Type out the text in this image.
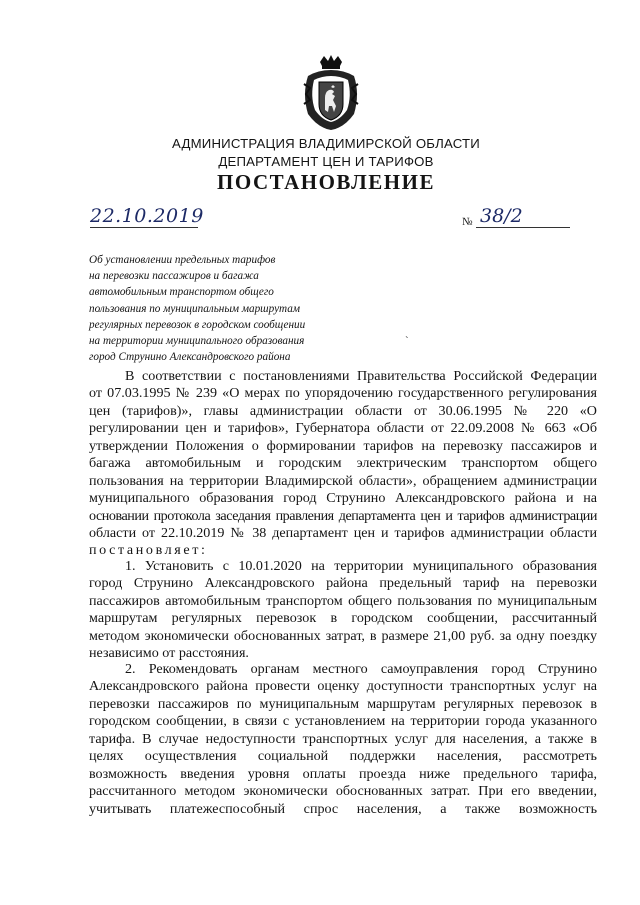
АДМИНИСТРАЦИЯ ВЛАДИМИРСКОЙ ОБЛАСТИ
ДЕПАРТАМЕНТ ЦЕН И ТАРИФОВ
ПОСТАНОВЛЕНИЕ
22.10.2019	№ 38/2
Об установлении предельных тарифов
на перевозки пассажиров и багажа
автомобильным транспортом общего
пользования по муниципальным маршрутам
регулярных перевозок в городском сообщении
на территории муниципального образования
город Струнино Александровского района
˴
В соответствии с постановлениями Правительства Российской Федерации
от 07.03.1995 № 239 «О мерах по упорядочению государственного регулирования
цен (тарифов)», главы администрации области от 30.06.1995 № 220 «О
регулировании цен и тарифов», Губернатора области от 22.09.2008 № 663 «Об
утверждении Положения о формировании тарифов на перевозку пассажиров и
багажа автомобильным и городским электрическим транспортом общего
пользования на территории Владимирской области», обращением администрации
муниципального образования город Струнино Александровского района и на
основании протокола заседания правления департамента цен и тарифов администрации
области от 22.10.2019 № 38 департамент цен и тарифов администрации области
постановляет:
1. Установить с 10.01.2020 на территории муниципального образования
город Струнино Александровского района предельный тариф на перевозки
пассажиров автомобильным транспортом общего пользования по муниципальным
маршрутам регулярных перевозок в городском сообщении, рассчитанный
методом экономически обоснованных затрат, в размере 21,00 руб. за одну поездку
независимо от расстояния.
2. Рекомендовать органам местного самоуправления город Струнино
Александровского района провести оценку доступности транспортных услуг на
перевозки пассажиров по муниципальным маршрутам регулярных перевозок в
городском сообщении, в связи с установлением на территории города указанного
тарифа. В случае недоступности транспортных услуг для населения, а также в
целях осуществления социальной поддержки населения, рассмотреть
возможность введения уровня оплаты проезда ниже предельного тарифа,
рассчитанного методом экономически обоснованных затрат. При его введении,
учитывать платежеспособный спрос населения, а также возможность
